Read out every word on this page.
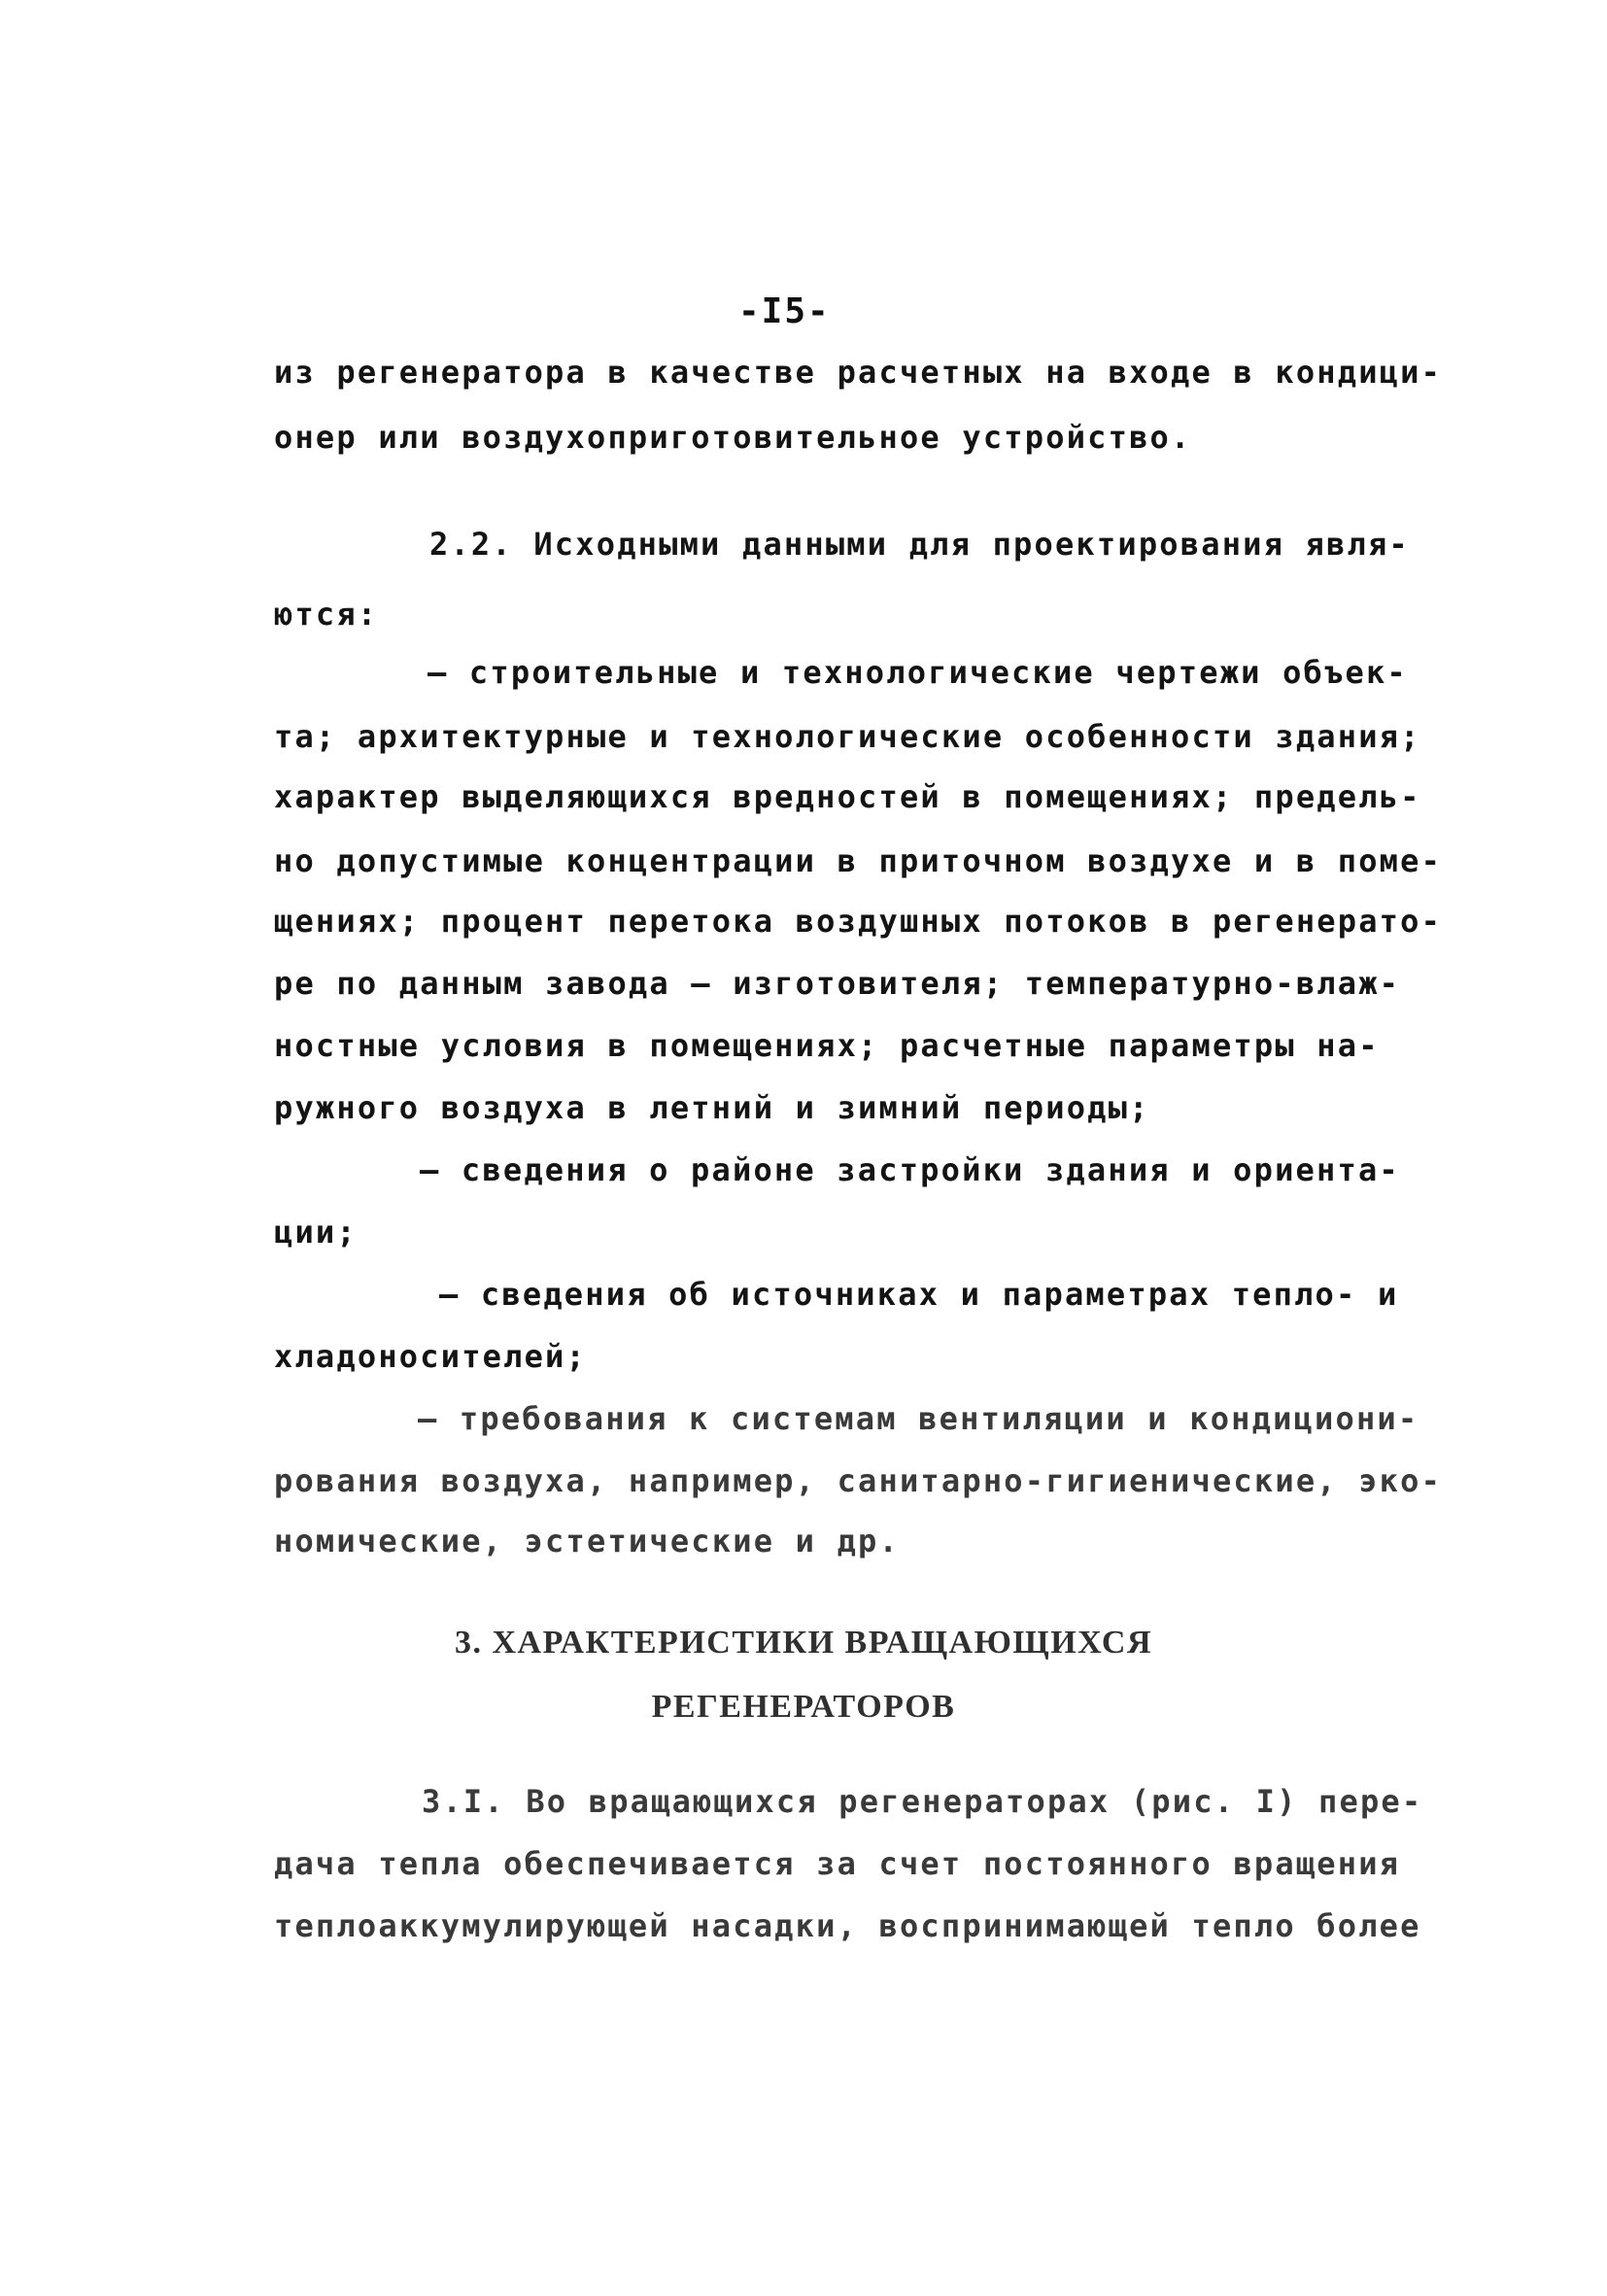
-I5-
из регенератора в качестве расчетных на входе в кондици-
онер или воздухоприготовительное устройство.
2.2. Исходными данными для проектирования явля-
ются:
– строительные и технологические чертежи объек-
та; архитектурные и технологические особенности здания;
характер выделяющихся вредностей в помещениях; предель-
но допустимые концентрации в приточном воздухе и в поме-
щениях; процент перетока воздушных потоков в регенерато-
ре по данным завода – изготовителя; температурно-влаж-
ностные условия в помещениях; расчетные параметры на-
ружного воздуха в летний и зимний периоды;
– сведения о районе застройки здания и ориента-
ции;
– сведения об источниках и параметрах тепло- и
хладоносителей;
– требования к системам вентиляции и кондициони-
рования воздуха, например, санитарно-гигиенические, эко-
номические, эстетические и др.
3. ХАРАКТЕРИСТИКИ ВРАЩАЮЩИХСЯ
РЕГЕНЕРАТОРОВ
3.I. Во вращающихся регенераторах (рис. I) пере-
дача тепла обеспечивается за счет постоянного вращения
теплоаккумулирующей насадки, воспринимающей тепло более
